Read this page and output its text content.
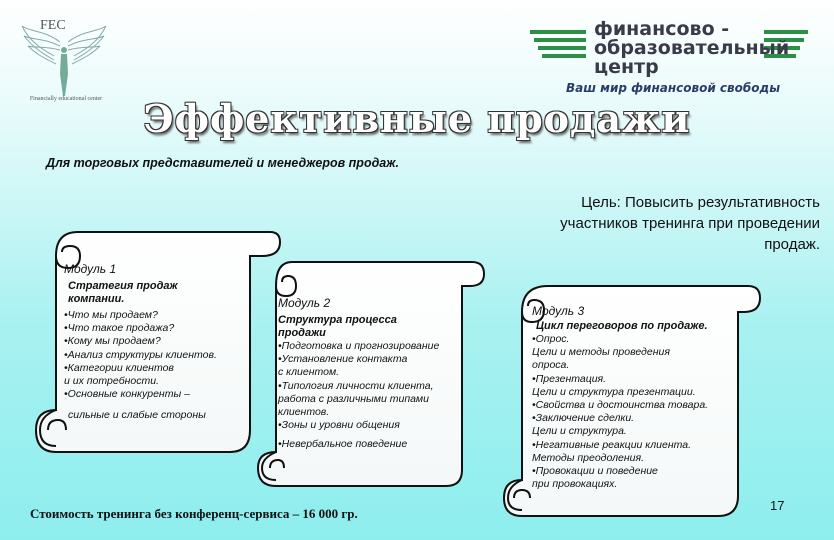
FEC
Financially educational center
финансово -
образовательный
центр
Ваш мир финансовой свободы
Эффективные продажи
Для торговых представителей и менеджеров продаж.
Цель: Повысить результативность
участников тренинга при проведении
продаж.
Модуль 1
Стратегия продаж
компании.
•Что мы продаем?
•Что такое продажа?
•Кому мы продаем?
•Анализ структуры клиентов.
•Категории клиентов
и их потребности.
•Основные конкуренты –
сильные и слабые стороны
Модуль 2
Структура процесса
продажи
•Подготовка и прогнозирование
•Установление контакта
с клиентом.
•Типология личности клиента,
работа с различными типами
клиентов.
•Зоны и уровни общения
•Невербальное поведение
Модуль 3
Цикл переговоров по продаже.
•Опрос.
Цели и методы проведения
опроса.
•Презентация.
Цели и структура презентации.
•Свойства и достоинства товара.
•Заключение сделки.
Цели и структура.
•Негативные реакции клиента.
Методы преодоления.
•Провокации и поведение
при провокациях.
Стоимость тренинга без конференц-сервиса – 16 000 гр.
17
